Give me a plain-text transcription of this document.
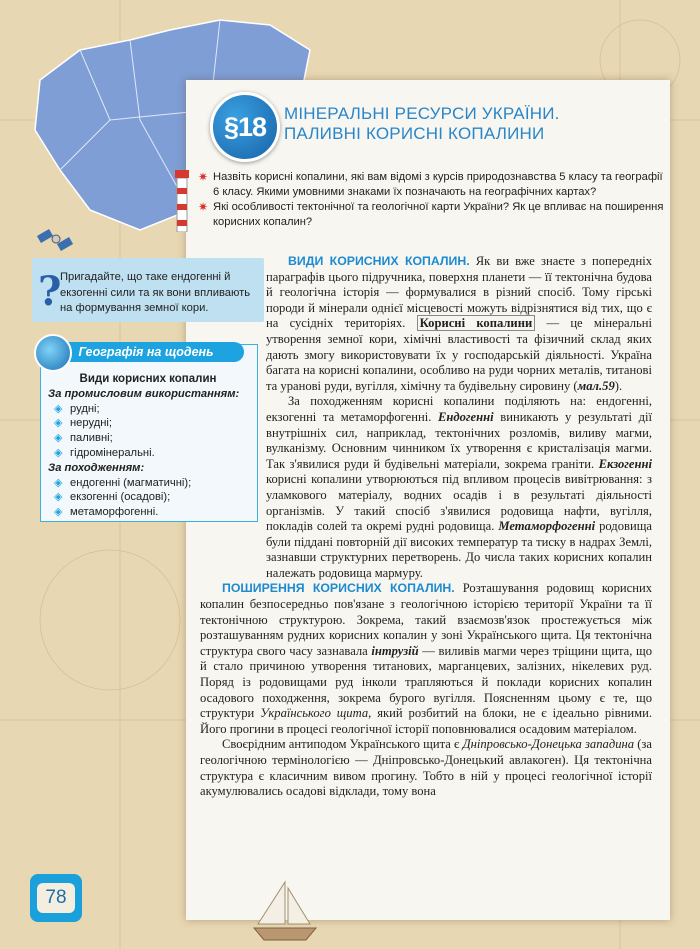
§18	МІНЕРАЛЬНІ РЕСУРСИ УКРАЇНИ.
ПАЛИВНІ КОРИСНІ КОПАЛИНИ
✷ Назвіть корисні копалини, які вам відомі з курсів природознавства 5 класу та географії 6 класу. Якими умовними знаками їх позначають на географічних картах?
✷ Які особливості тектонічної та геологічної карти України? Як це впливає на поширення корисних копалин?
?
Пригадайте, що таке ендогенні й екзогенні сили та як вони впливають на формування земної кори.
Географія на щодень
Види корисних копалин
За промисловим використанням:
◈ рудні;
◈ нерудні;
◈ паливні;
◈ гідромінеральні.
За походженням:
◈ ендогенні (магматичні);
◈ екзогенні (осадові);
◈ метаморфогенні.

ВИДИ КОРИСНИХ КОПАЛИН. Як ви вже знаєте з попередніх параграфів цього підручника, поверхня планети — її тектонічна будова й геологічна історія — формувалися в різний спосіб. Тому гірські породи й мінерали однієї місцевості можуть відрізнятися від тих, що є на сусідніх територіях. Корисні копалини — це мінеральні утворення земної кори, хімічні властивості та фізичний склад яких дають змогу використовувати їх у господарській діяльності. Україна багата на корисні копалини, особливо на руди чорних металів, титанові та уранові руди, вугілля, хімічну та будівельну сировину (мал.59).

За походженням корисні копалини поділяють на: ендогенні, екзогенні та метаморфогенні. Ендогенні виникають у результаті дії внутрішніх сил, наприклад, тектонічних розломів, виливу магми, вулканізму. Основним чинником їх утворення є кристалізація магми. Так з'явилися руди й будівельні матеріали, зокрема граніти. Екзогенні корисні копалини утворюються під впливом процесів вивітрювання: з уламкового матеріалу, водних осадів і в результаті діяльності організмів. У такий спосіб з'явилися родовища нафти, вугілля, покладів солей та окремі рудні родовища. Метаморфогенні родовища були піддані повторній дії високих температур та тиску в надрах Землі, зазнавши структурних перетворень. До числа таких корисних копалин належать родовища мармуру.

ПОШИРЕННЯ КОРИСНИХ КОПАЛИН. Розташування родовищ корисних копалин безпосередньо пов'язане з геологічною історією території України та її тектонічною структурою. Зокрема, такий взаємозв'язок простежується між розташуванням рудних корисних копалин у зоні Українського щита. Ця тектонічна структура свого часу зазнавала інтрузій — виливів магми через тріщини щита, що й стало причиною утворення титанових, марганцевих, залізних, нікелевих руд. Поряд із родовищами руд інколи трапляються й поклади корисних копалин осадового походження, зокрема бурого вугілля. Поясненням цьому є те, що структури Українського щита, який розбитий на блоки, не є ідеально рівними. Його прогини в процесі геологічної історії поповнювалися осадовим матеріалом.

Своєрідним антиподом Українського щита є Дніпровсько-Донецька западина (за геологічною термінологією — Дніпровсько-Донецький авлакоген). Ця тектонічна структура є класичним вивом прогину. Тобто в ній у процесі геологічної історії акумулювались осадові відклади, тому вона

78
